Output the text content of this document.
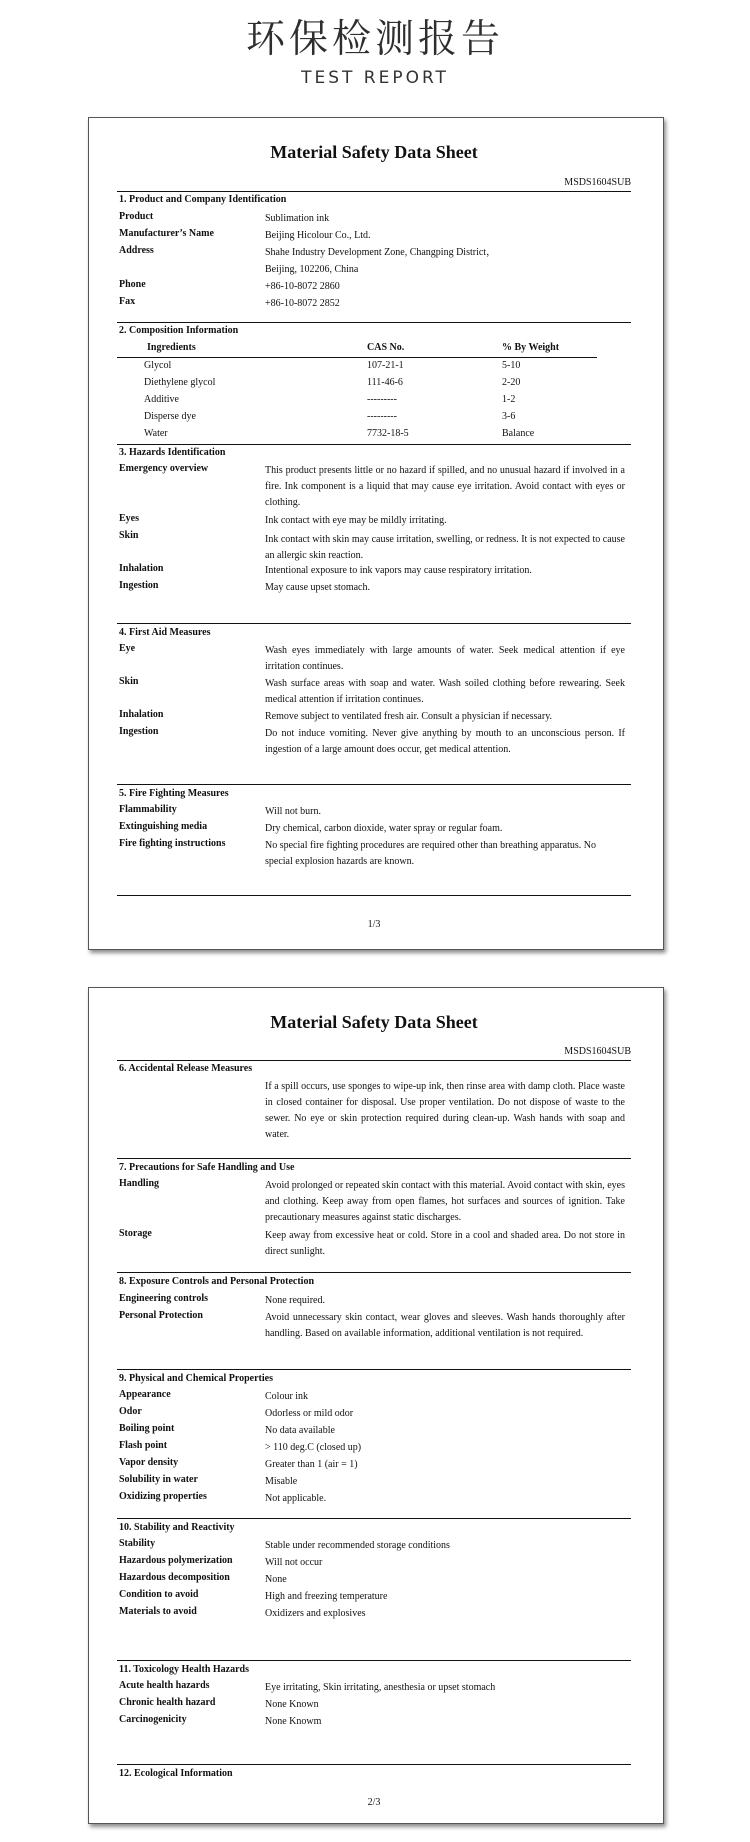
环保检测报告
TEST REPORT
Material Safety Data Sheet
MSDS1604SUB
1. Product and Company Identification
Product	Sublimation ink
Manufacturer’s Name	Beijing Hicolour Co., Ltd.
Address	Shahe Industry Development Zone, Changping District，
Beijing, 102206, China
Phone	+86-10-8072 2860
Fax	+86-10-8072 2852
2. Composition Information
Ingredients	CAS No.	% By Weight
Glycol	107-21-1	5-10
Diethylene glycol	111-46-6	2-20
Additive	---------	1-2
Disperse dye	---------	3-6
Water	7732-18-5	Balance
3. Hazards Identification
Emergency overview	This product presents little or no hazard if spilled, and no unusual hazard if involved in a fire. Ink component is a liquid that may cause eye irritation. Avoid contact with eyes or clothing.
Eyes	Ink contact with eye may be mildly irritating.
Skin	Ink contact with skin may cause irritation, swelling, or redness. It is not expected to cause an allergic skin reaction.
Inhalation	Intentional exposure to ink vapors may cause respiratory irritation.
Ingestion	May cause upset stomach.
4. First Aid Measures
Eye	Wash eyes immediately with large amounts of water. Seek medical attention if eye irritation continues.
Skin	Wash surface areas with soap and water. Wash soiled clothing before rewearing. Seek medical attention if irritation continues.
Inhalation	Remove subject to ventilated fresh air. Consult a physician if necessary.
Ingestion	Do not induce vomiting. Never give anything by mouth to an unconscious person. If ingestion of a large amount does occur, get medical attention.
5. Fire Fighting Measures
Flammability	Will not burn.
Extinguishing media	Dry chemical, carbon dioxide, water spray or regular foam.
Fire fighting instructions	No special fire fighting procedures are required other than breathing apparatus. No special explosion hazards are known.
1/3
Material Safety Data Sheet
MSDS1604SUB
6. Accidental Release Measures
If a spill occurs, use sponges to wipe-up ink, then rinse area with damp cloth. Place waste in closed container for disposal. Use proper ventilation. Do not dispose of waste to the sewer. No eye or skin protection required during clean-up. Wash hands with soap and water.
7. Precautions for Safe Handling and Use
Handling	Avoid prolonged or repeated skin contact with this material. Avoid contact with skin, eyes and clothing. Keep away from open flames, hot surfaces and sources of ignition. Take precautionary measures against static discharges.
Storage	Keep away from excessive heat or cold. Store in a cool and shaded area. Do not store in direct sunlight.
8. Exposure Controls and Personal Protection
Engineering controls	None required.
Personal Protection	Avoid unnecessary skin contact, wear gloves and sleeves. Wash hands thoroughly after handling. Based on available information, additional ventilation is not required.
9. Physical and Chemical Properties
Appearance	Colour ink
Odor	Odorless or mild odor
Boiling point	No data available
Flash point	> 110 deg.C (closed up)
Vapor density	Greater than 1 (air = 1)
Solubility in water	Misable
Oxidizing properties	Not applicable.
10. Stability and Reactivity
Stability	Stable under recommended storage conditions
Hazardous polymerization	Will not occur
Hazardous decomposition	None
Condition to avoid	High and freezing temperature
Materials to avoid	Oxidizers and explosives
11. Toxicology Health Hazards
Acute health hazards	Eye irritating, Skin irritating, anesthesia or upset stomach
Chronic health hazard	None Known
Carcinogenicity	None Knowm
12. Ecological Information
2/3
